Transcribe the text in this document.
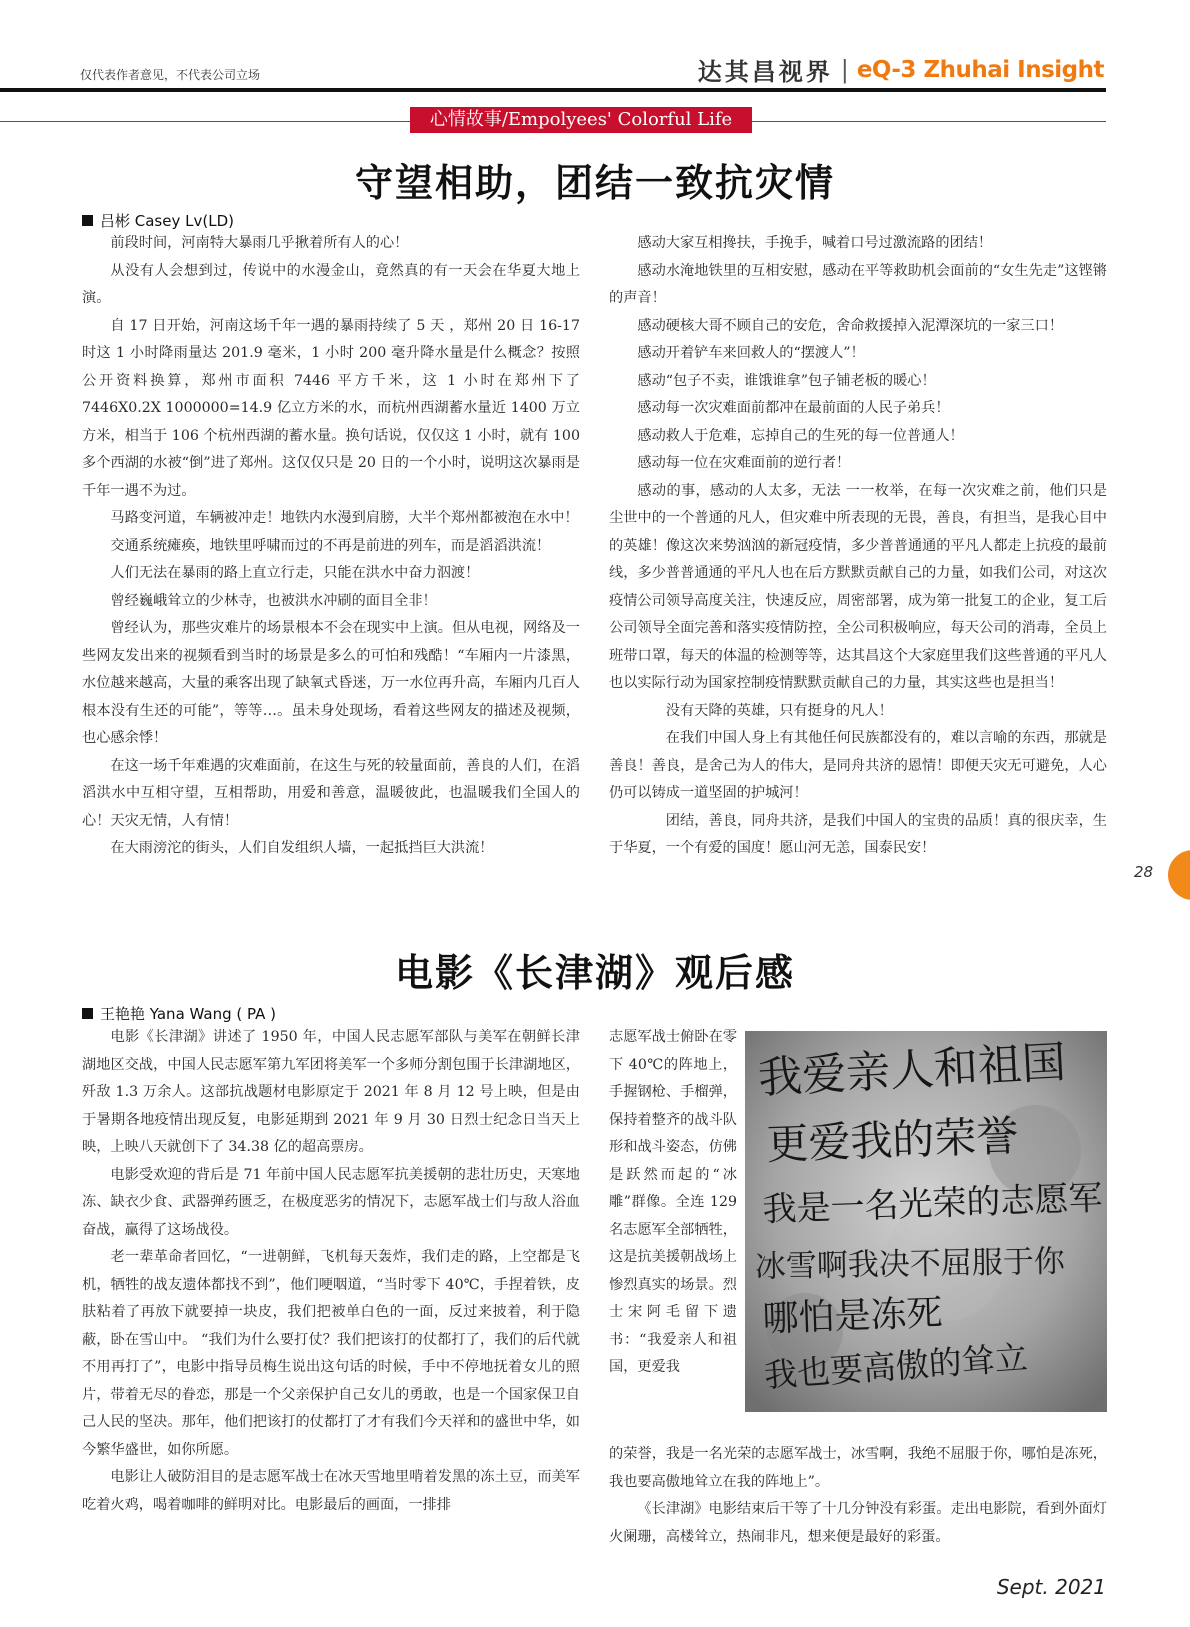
仅代表作者意见，不代表公司立场	达其昌视界 | eQ-3 Zhuhai Insight
心情故事/Empolyees' Colorful Life
守望相助，团结一致抗灾情
吕彬 Casey Lv(LD)

前段时间，河南特大暴雨几乎揪着所有人的心！

从没有人会想到过，传说中的水漫金山，竟然真的有一天会在华夏大地上演。

自 17 日开始，河南这场千年一遇的暴雨持续了 5 天 ，郑州 20 日 16-17 时这 1 小时降雨量达 201.9 毫米，1 小时 200 毫升降水量是什么概念？按照公开资料换算，郑州市面积 7446 平方千米，这 1 小时在郑州下了 7446X0.2X 1000000=14.9 亿立方米的水，而杭州西湖蓄水量近 1400 万立方米，相当于 106 个杭州西湖的蓄水量。换句话说，仅仅这 1 小时，就有 100 多个西湖的水被“倒”进了郑州。这仅仅只是 20 日的一个小时，说明这次暴雨是千年一遇不为过。

马路变河道，车辆被冲走！地铁内水漫到肩膀，大半个郑州都被泡在水中！

交通系统瘫痪，地铁里呼啸而过的不再是前进的列车，而是滔滔洪流！

人们无法在暴雨的路上直立行走，只能在洪水中奋力泅渡！

曾经巍峨耸立的少林寺，也被洪水冲刷的面目全非！

曾经认为，那些灾难片的场景根本不会在现实中上演。但从电视，网络及一些网友发出来的视频看到当时的场景是多么的可怕和残酷！“车厢内一片漆黑，水位越来越高，大量的乘客出现了缺氧式昏迷，万一水位再升高，车厢内几百人根本没有生还的可能”，等等…。虽未身处现场，看着这些网友的描述及视频，也心感余悸！

在这一场千年难遇的灾难面前，在这生与死的较量面前，善良的人们，在滔滔洪水中互相守望，互相帮助，用爱和善意，温暖彼此，也温暖我们全国人的心！天灾无情，人有情！

在大雨滂沱的街头，人们自发组织人墙，一起抵挡巨大洪流！

感动大家互相搀扶，手挽手，喊着口号过激流路的团结！

感动水淹地铁里的互相安慰，感动在平等救助机会面前的“女生先走”这铿锵的声音！

感动硬核大哥不顾自己的安危，舍命救援掉入泥潭深坑的一家三口！

感动开着铲车来回救人的“摆渡人”！

感动“包子不卖，谁饿谁拿”包子铺老板的暖心！

感动每一次灾难面前都冲在最前面的人民子弟兵！

感动救人于危难，忘掉自己的生死的每一位普通人！

感动每一位在灾难面前的逆行者！

感动的事，感动的人太多，无法 一一枚举，在每一次灾难之前，他们只是尘世中的一个普通的凡人，但灾难中所表现的无畏，善良，有担当，是我心目中的英雄！像这次来势汹汹的新冠疫情，多少普普通通的平凡人都走上抗疫的最前线，多少普普通通的平凡人也在后方默默贡献自己的力量，如我们公司，对这次疫情公司领导高度关注，快速反应，周密部署，成为第一批复工的企业，复工后公司领导全面完善和落实疫情防控，全公司积极响应，每天公司的消毒，全员上班带口罩，每天的体温的检测等等，达其昌这个大家庭里我们这些普通的平凡人也以实际行动为国家控制疫情默默贡献自己的力量，其实这些也是担当！

没有天降的英雄，只有挺身的凡人！

在我们中国人身上有其他任何民族都没有的，难以言喻的东西，那就是善良！善良，是舍己为人的伟大，是同舟共济的恩情！即便天灾无可避免，人心仍可以铸成一道坚固的护城河！

团结，善良，同舟共济，是我们中国人的宝贵的品质！真的很庆幸，生于华夏，一个有爱的国度！愿山河无恙，国泰民安！

电影《长津湖》观后感
王艳艳 Yana Wang ( PA )

电影《长津湖》讲述了 1950 年，中国人民志愿军部队与美军在朝鲜长津湖地区交战，中国人民志愿军第九军团将美军一个多师分割包围于长津湖地区，歼敌 1.3 万余人。这部抗战题材电影原定于 2021 年 8 月 12 号上映，但是由于暑期各地疫情出现反复，电影延期到 2021 年 9 月 30 日烈士纪念日当天上映，上映八天就创下了 34.38 亿的超高票房。

电影受欢迎的背后是 71 年前中国人民志愿军抗美援朝的悲壮历史，天寒地冻、缺衣少食、武器弹药匮乏，在极度恶劣的情况下，志愿军战士们与敌人浴血奋战，赢得了这场战役。

老一辈革命者回忆，“一进朝鲜，飞机每天轰炸，我们走的路，上空都是飞机，牺牲的战友遗体都找不到”，他们哽咽道，“当时零下 40℃，手捏着铁，皮肤粘着了再放下就要掉一块皮，我们把被单白色的一面，反过来披着，利于隐蔽，卧在雪山中。 “我们为什么要打仗？我们把该打的仗都打了，我们的后代就不用再打了”，电影中指导员梅生说出这句话的时候，手中不停地抚着女儿的照片，带着无尽的眷恋，那是一个父亲保护自己女儿的勇敢，也是一个国家保卫自己人民的坚决。那年，他们把该打的仗都打了才有我们今天祥和的盛世中华，如今繁华盛世，如你所愿。

电影让人破防泪目的是志愿军战士在冰天雪地里啃着发黑的冻土豆，而美军吃着火鸡，喝着咖啡的鲜明对比。电影最后的画面，一排排

志愿军战士俯卧在零下 40℃的阵地上，手握钢枪、手榴弹，保持着整齐的战斗队形和战斗姿态，仿佛是跃然而起的“冰雕”群像。全连 129 名志愿军全部牺牲，这是抗美援朝战场上惨烈真实的场景。烈士宋阿毛留下遗书：“我爱亲人和祖国，更爱我

我爱亲人和祖国
更爱我的荣誉
我是一名光荣的志愿军
冰雪啊我决不屈服于你
哪怕是冻死
我也要高傲的耸立

的荣誉，我是一名光荣的志愿军战士，冰雪啊，我绝不屈服于你，哪怕是冻死，我也要高傲地耸立在我的阵地上”。

《长津湖》电影结束后干等了十几分钟没有彩蛋。走出电影院，看到外面灯火阑珊，高楼耸立，热闹非凡，想来便是最好的彩蛋。

28
Sept. 2021
